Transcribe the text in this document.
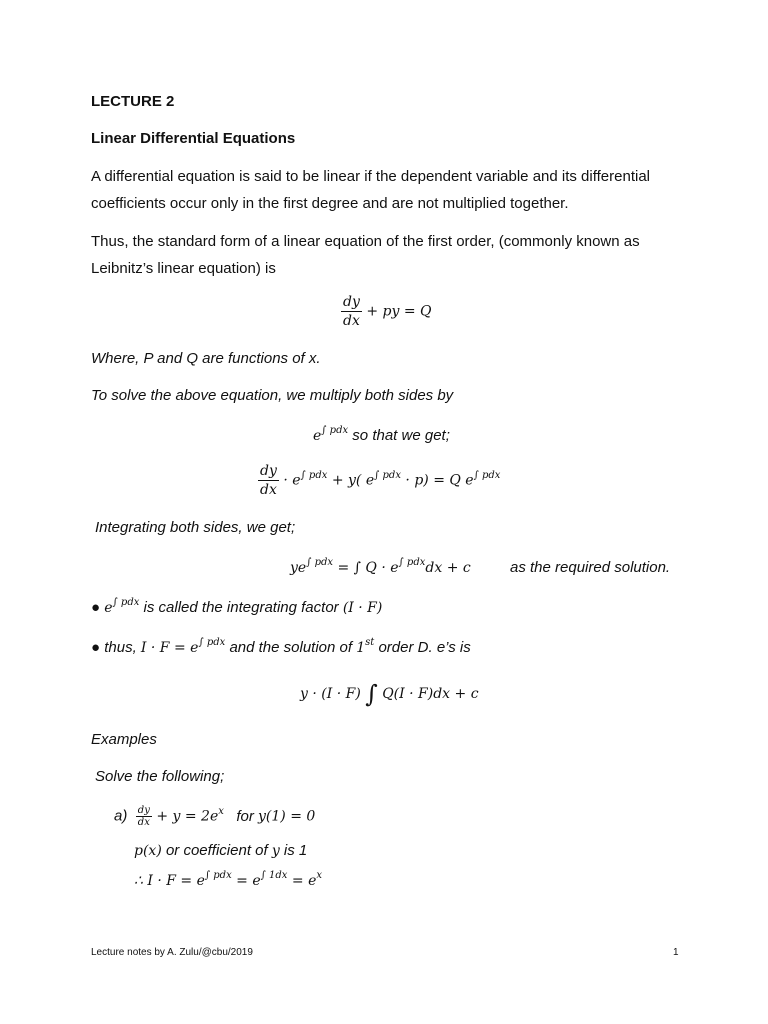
LECTURE 2
Linear Differential Equations
A differential equation is said to be linear if the dependent variable and its differential
coefficients occur only in the first degree and are not multiplied together.
Thus, the standard form of a linear equation of the first order, (commonly known as
Leibnitz’s linear equation) is
$\frac{dy}{dx}$ + py = Q
Where, P and Q are functions of x.
To solve the above equation, we multiply both sides by
$e^{\int pdx}$ so that we get;
$\frac{dy}{dx} \cdot e^{\int pdx} + y$( $e^{\int pdx} \cdot p) = Q$ $e^{\int pdx}$
Integrating both sides, we get;
$ye^{\int pdx}$ = ∫ $Q \cdot e^{\int pdx}dx + c$	as the required solution.
● $e^{\int pdx}$ is called the integrating factor (I · F)
● thus, $I \cdot F = e^{\int pdx}$ and the solution of 1st order D. e’s is
y · (I · F) ∫ Q(I · F)dx + c
Examples
Solve the following;
$a) \frac{dy}{dx} + y = 2e^x$ for y(1) = 0
p(x) or coefficient of y is 1
∴ $I \cdot F = e^{\int pdx} = e^{\int 1dx} = e^x$
Lecture notes by A. Zulu/@cbu/2019	1
